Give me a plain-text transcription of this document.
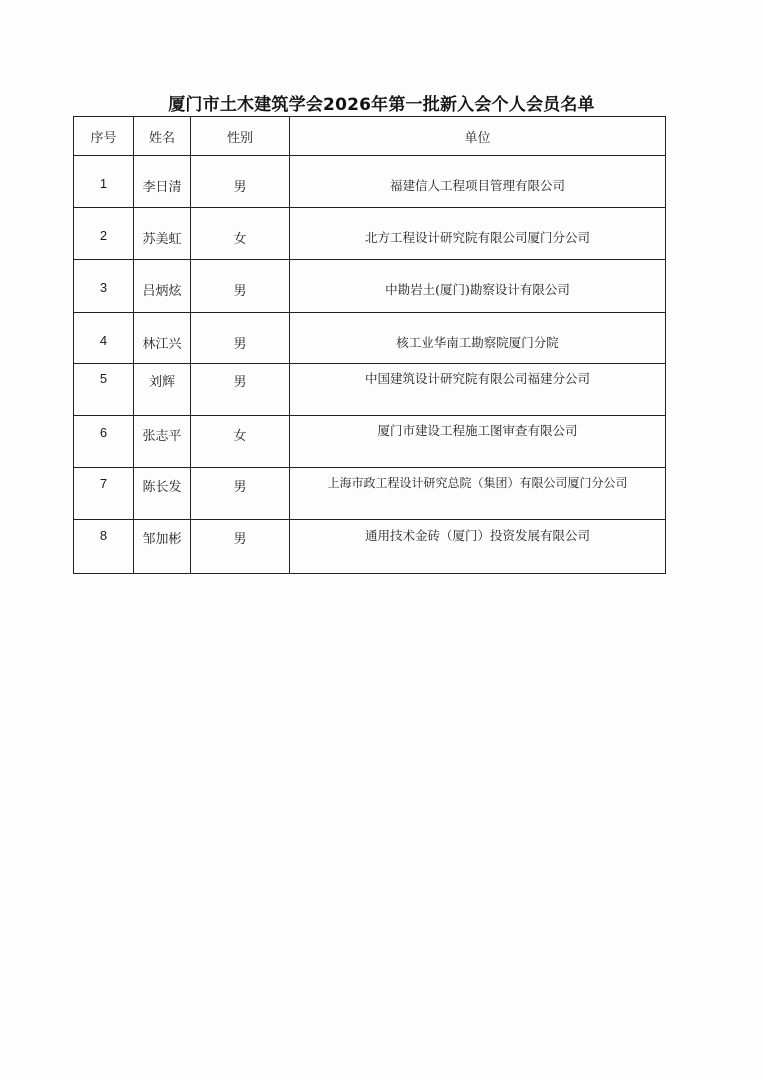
厦门市土木建筑学会2026年第一批新入会个人会员名单
序号	姓名	性别	单位
1	李日清	男	福建信人工程项目管理有限公司
2	苏美虹	女	北方工程设计研究院有限公司厦门分公司
3	吕炳炫	男	中勘岩土(厦门)勘察设计有限公司
4	林江兴	男	核工业华南工勘察院厦门分院
5	刘辉	男	中国建筑设计研究院有限公司福建分公司
6	张志平	女	厦门市建设工程施工图审查有限公司
7	陈长发	男	上海市政工程设计研究总院（集团）有限公司厦门分公司
8	邹加彬	男	通用技术金砖（厦门）投资发展有限公司
